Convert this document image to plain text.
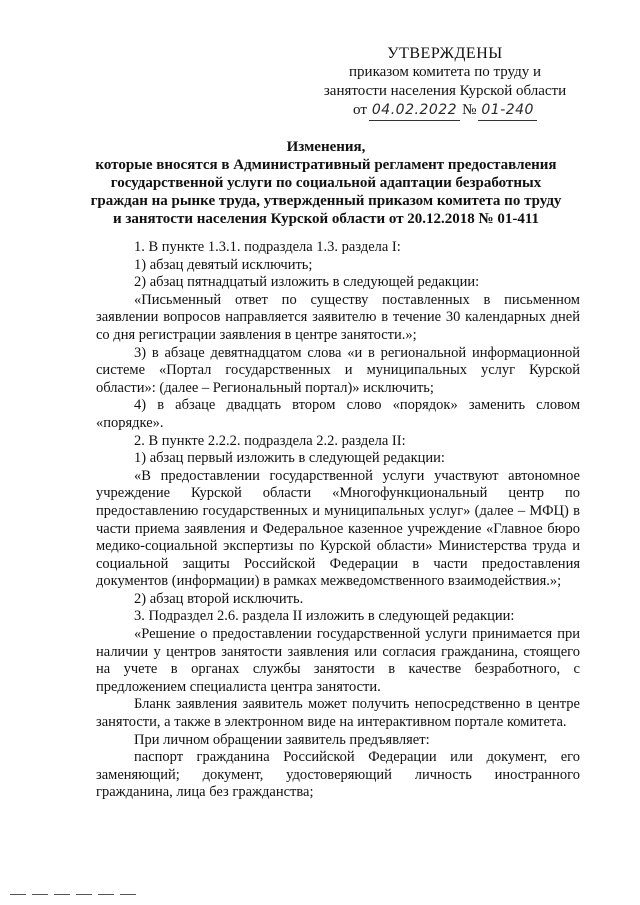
УТВЕРЖДЕНЫ
приказом комитета по труду и
занятости населения Курской области
от 04.02.2022 № 01-240
Изменения,
которые вносятся в Административный регламент предоставления
государственной услуги по социальной адаптации безработных
граждан на рынке труда, утвержденный приказом комитета по труду
и занятости населения Курской области от 20.12.2018 № 01-411

1. В пункте 1.3.1. подраздела 1.3. раздела I:

1) абзац девятый исключить;

2) абзац пятнадцатый изложить в следующей редакции:

«Письменный ответ по существу поставленных в письменном заявлении вопросов направляется заявителю в течение 30 календарных дней со дня регистрации заявления в центре занятости.»;

3) в абзаце девятнадцатом слова «и в региональной информационной системе «Портал государственных и муниципальных услуг Курской области»: (далее – Региональный портал)» исключить;

4) в абзаце двадцать втором слово «порядок» заменить словом «порядке».

2. В пункте 2.2.2. подраздела 2.2. раздела II:

1) абзац первый изложить в следующей редакции:

«В предоставлении государственной услуги участвуют автономное учреждение Курской области «Многофункциональный центр по предоставлению государственных и муниципальных услуг» (далее – МФЦ) в части приема заявления и Федеральное казенное учреждение «Главное бюро медико-социальной экспертизы по Курской области» Министерства труда и социальной защиты Российской Федерации в части предоставления документов (информации) в рамках межведомственного взаимодействия.»;

2) абзац второй исключить.

3. Подраздел 2.6. раздела II изложить в следующей редакции:

«Решение о предоставлении государственной услуги принимается при наличии у центров занятости заявления или согласия гражданина, стоящего на учете в органах службы занятости в качестве безработного, с предложением специалиста центра занятости.

Бланк заявления заявитель может получить непосредственно в центре занятости, а также в электронном виде на интерактивном портале комитета.

При личном обращении заявитель предъявляет:

паспорт гражданина Российской Федерации или документ, его заменяющий; документ, удостоверяющий личность иностранного гражданина, лица без гражданства;
